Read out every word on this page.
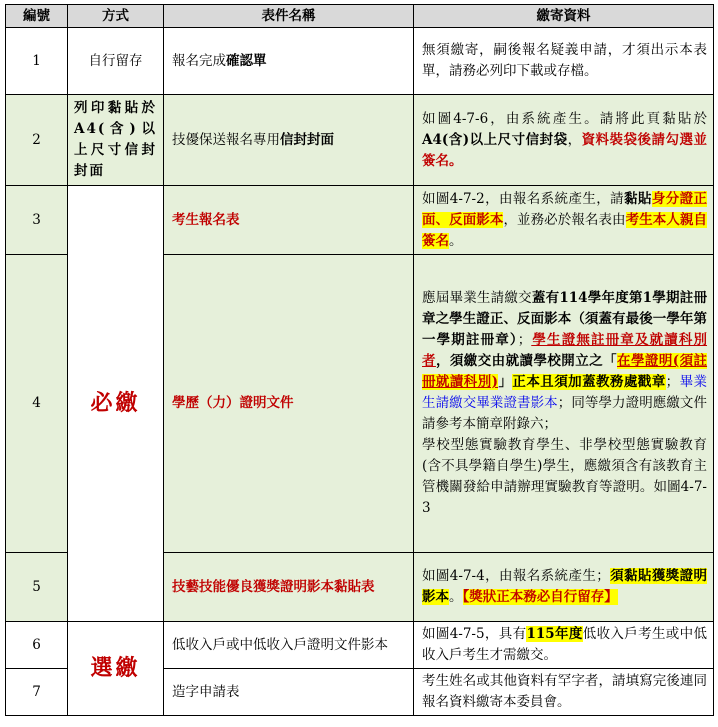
編號	方式	表件名稱	繳寄資料
1	自行留存	報名完成確認單	無須繳寄，嗣後報名疑義申請，才須出示本表單，請務必列印下載或存檔。
2	列印黏貼於A4(含)以上尺寸信封封面	技優保送報名專用信封封面	如圖4-7-6，由系統產生。請將此頁黏貼於A4(含)以上尺寸信封袋，資料裝袋後請勾選並簽名。
3	必繳	考生報名表	如圖4-7-2，由報名系統產生，請黏貼身分證正面、反面影本，並務必於報名表由考生本人親自簽名。
4		學歷（力）證明文件	應屆畢業生請繳交蓋有114學年度第1學期註冊章之學生證正、反面影本（須蓋有最後一學年第一學期註冊章）；學生證無註冊章及就讀科別者，須繳交由就讀學校開立之「在學證明(須註冊就讀科別)」正本且須加蓋教務處戳章；畢業生請繳交畢業證書影本；同等學力證明應繳文件請參考本簡章附錄六；
學校型態實驗教育學生、非學校型態實驗教育(含不具學籍自學生)學生，應繳須含有該教育主管機關發給申請辦理實驗教育等證明。如圖4-7-3
5		技藝技能優良獲獎證明影本黏貼表	如圖4-7-4，由報名系統產生；須黏貼獲獎證明影本。【獎狀正本務必自行留存】
6	選繳	低收入戶或中低收入戶證明文件影本	如圖4-7-5，具有115年度低收入戶考生或中低收入戶考生才需繳交。
7		造字申請表	考生姓名或其他資料有罕字者，請填寫完後連同報名資料繳寄本委員會。
